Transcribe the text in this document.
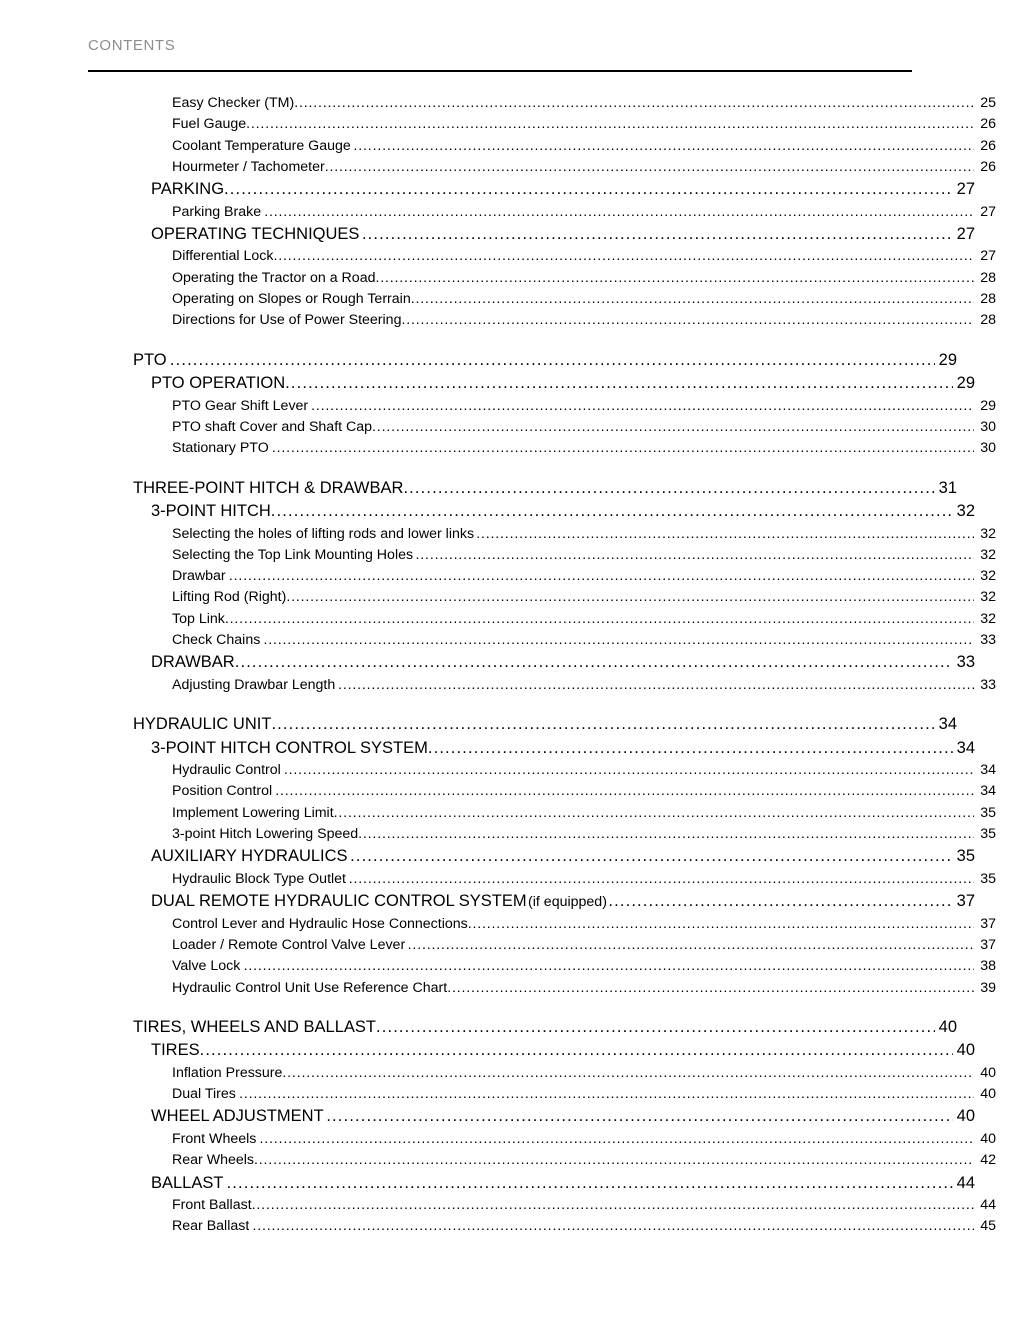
CONTENTS
Easy Checker (TM) .....	25
Fuel Gauge .....	26
Coolant Temperature Gauge .....	26
Hourmeter / Tachometer .....	26
PARKING .....	27
Parking Brake .....	27
OPERATING TECHNIQUES .....	27
Differential Lock .....	27
Operating the Tractor on a Road .....	28
Operating on Slopes or Rough Terrain .....	28
Directions for Use of Power Steering .....	28
PTO .....	29
PTO OPERATION .....	29
PTO Gear Shift Lever .....	29
PTO shaft Cover and Shaft Cap .....	30
Stationary PTO .....	30
THREE-POINT HITCH & DRAWBAR .....	31
3-POINT HITCH .....	32
Selecting the holes of lifting rods and lower links .....	32
Selecting the Top Link Mounting Holes .....	32
Drawbar .....	32
Lifting Rod (Right) .....	32
Top Link .....	32
Check Chains .....	33
DRAWBAR .....	33
Adjusting Drawbar Length .....	33
HYDRAULIC UNIT .....	34
3-POINT HITCH CONTROL SYSTEM .....	34
Hydraulic Control .....	34
Position Control .....	34
Implement Lowering Limit .....	35
3-point Hitch Lowering Speed .....	35
AUXILIARY HYDRAULICS .....	35
Hydraulic Block Type Outlet .....	35
DUAL REMOTE HYDRAULIC CONTROL SYSTEM (if equipped) .....	37
Control Lever and Hydraulic Hose Connections .....	37
Loader / Remote Control Valve Lever .....	37
Valve Lock .....	38
Hydraulic Control Unit Use Reference Chart .....	39
TIRES, WHEELS AND BALLAST .....	40
TIRES .....	40
Inflation Pressure .....	40
Dual Tires .....	40
WHEEL ADJUSTMENT .....	40
Front Wheels .....	40
Rear Wheels .....	42
BALLAST .....	44
Front Ballast .....	44
Rear Ballast .....	45
